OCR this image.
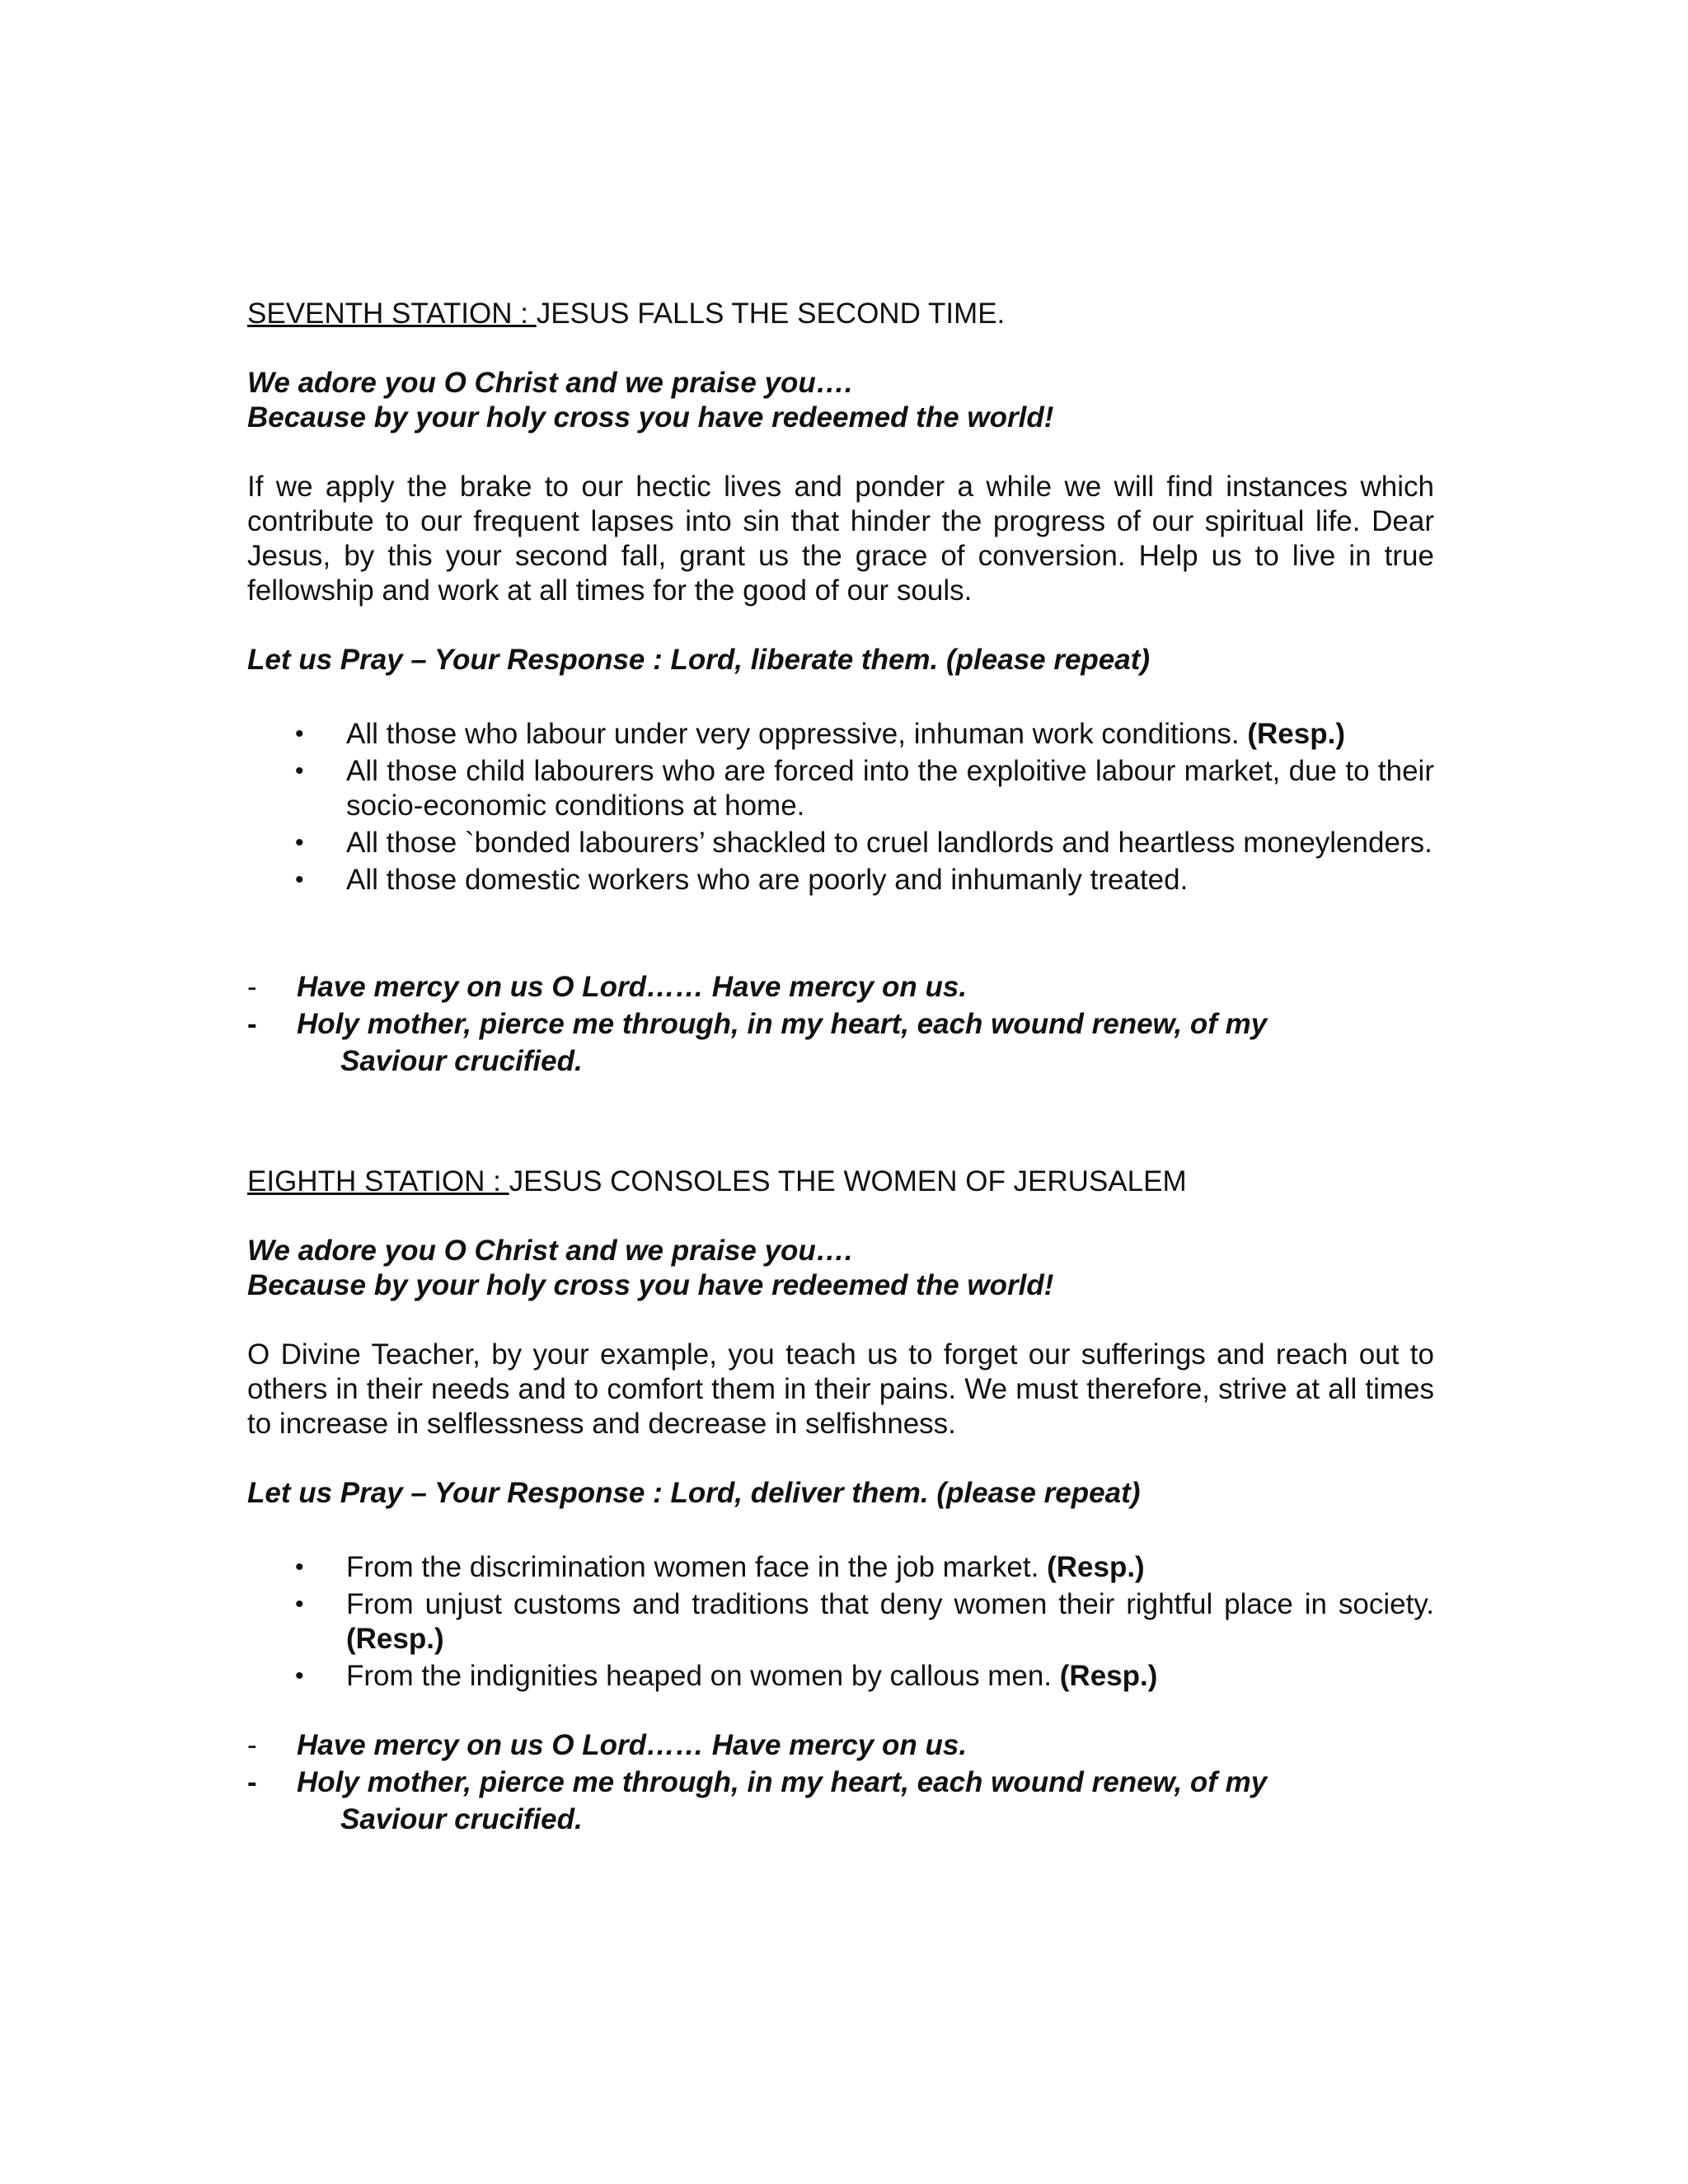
SEVENTH STATION : JESUS FALLS THE SECOND TIME.
We adore you O Christ and we praise you….
Because by your holy cross you have redeemed the world!
If we apply the brake to our hectic lives and ponder a while we will find instances which contribute to our frequent lapses into sin that hinder the progress of our spiritual life. Dear Jesus, by this your second fall, grant us the grace of conversion. Help us to live in true fellowship and work at all times for the good of our souls.
Let us Pray – Your Response : Lord, liberate them. (please repeat)
• All those who labour under very oppressive, inhuman work conditions. (Resp.)
• All those child labourers who are forced into the exploitive labour market, due to their socio-economic conditions at home.
• All those `bonded labourers’ shackled to cruel landlords and heartless moneylenders.
• All those domestic workers who are poorly and inhumanly treated.
- Have mercy on us O Lord…… Have mercy on us.
- Holy mother, pierce me through, in my heart, each wound renew, of my
Saviour crucified.
EIGHTH STATION : JESUS CONSOLES THE WOMEN OF JERUSALEM
We adore you O Christ and we praise you….
Because by your holy cross you have redeemed the world!
O Divine Teacher, by your example, you teach us to forget our sufferings and reach out to others in their needs and to comfort them in their pains. We must therefore, strive at all times to increase in selflessness and decrease in selfishness.
Let us Pray – Your Response : Lord, deliver them. (please repeat)
• From the discrimination women face in the job market. (Resp.)
• From unjust customs and traditions that deny women their rightful place in society. (Resp.)
• From the indignities heaped on women by callous men. (Resp.)
- Have mercy on us O Lord…… Have mercy on us.
- Holy mother, pierce me through, in my heart, each wound renew, of my
Saviour crucified.
